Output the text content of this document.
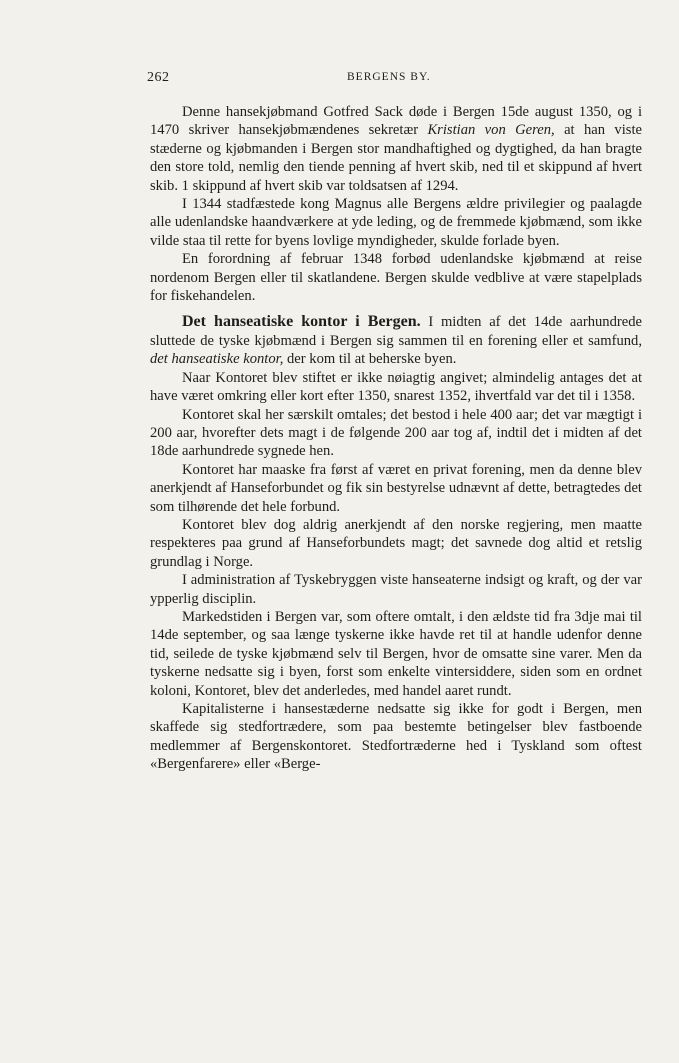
262	BERGENS BY.

Denne hansekjøbmand Gotfred Sack døde i Bergen 15de august 1350, og i 1470 skriver hansekjøbmændenes sekretær Kristian von Geren, at han viste stæderne og kjøbmanden i Bergen stor mandhaftighed og dygtighed, da han bragte den store told, nemlig den tiende penning af hvert skib, ned til et skippund af hvert skib. 1 skippund af hvert skib var toldsatsen af 1294.

I 1344 stadfæstede kong Magnus alle Bergens ældre privilegier og paalagde alle udenlandske haandværkere at yde leding, og de fremmede kjøbmænd, som ikke vilde staa til rette for byens lovlige myndigheder, skulde forlade byen.

En forordning af februar 1348 forbød udenlandske kjøbmænd at reise nordenom Bergen eller til skatlandene. Bergen skulde vedblive at være stapelplads for fiskehandelen.

Det hanseatiske kontor i Bergen. I midten af det 14de aarhundrede sluttede de tyske kjøbmænd i Bergen sig sammen til en forening eller et samfund, det hanseatiske kontor, der kom til at beherske byen.

Naar Kontoret blev stiftet er ikke nøiagtig angivet; almindelig antages det at have været omkring eller kort efter 1350, snarest 1352, ihvertfald var det til i 1358.

Kontoret skal her særskilt omtales; det bestod i hele 400 aar; det var mægtigt i 200 aar, hvorefter dets magt i de følgende 200 aar tog af, indtil det i midten af det 18de aarhundrede sygnede hen.

Kontoret har maaske fra først af været en privat forening, men da denne blev anerkjendt af Hanseforbundet og fik sin bestyrelse udnævnt af dette, betragtedes det som tilhørende det hele forbund.

Kontoret blev dog aldrig anerkjendt af den norske regjering, men maatte respekteres paa grund af Hanseforbundets magt; det savnede dog altid et retslig grundlag i Norge.

I administration af Tyskebryggen viste hanseaterne indsigt og kraft, og der var ypperlig disciplin.

Markedstiden i Bergen var, som oftere omtalt, i den ældste tid fra 3dje mai til 14de september, og saa længe tyskerne ikke havde ret til at handle udenfor denne tid, seilede de tyske kjøbmænd selv til Bergen, hvor de omsatte sine varer. Men da tyskerne nedsatte sig i byen, forst som enkelte vintersiddere, siden som en ordnet koloni, Kontoret, blev det anderledes, med handel aaret rundt.

Kapitalisterne i hansestæderne nedsatte sig ikke for godt i Bergen, men skaffede sig stedfortrædere, som paa bestemte betingelser blev fastboende medlemmer af Bergenskontoret. Stedfortræderne hed i Tyskland som oftest «Bergenfarere» eller «Berge-
